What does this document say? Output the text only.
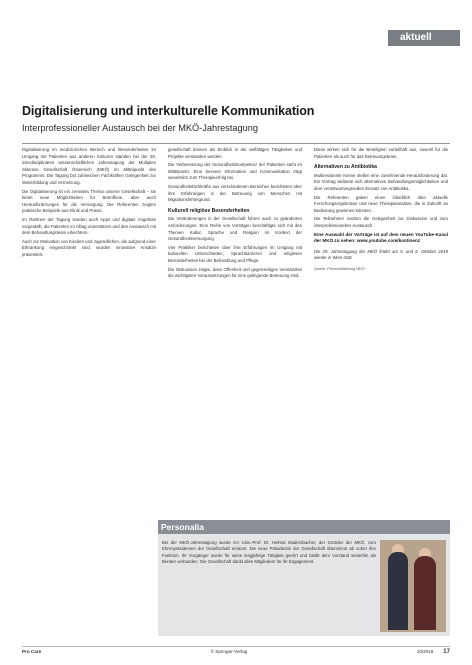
aktuell
Digitalisierung und interkulturelle Kommunikation
Interprofessioneller Austausch bei der MKÖ-Jahrestagung

Digitalisierung im medizinischen Bereich und Besonderheiten im Umgang mit Patienten aus anderen Kulturen standen bei der 28. interdisziplinären wissenschaftlichen Jahrestagung der Multiplen Sklerose Gesellschaft Österreich (MKÖ) im Mittelpunkt des Programms. Die Tagung bot zahlreichen Fachkräften Gelegenheit zur Weiterbildung und Vernetzung.

Die Digitalisierung ist ein zentrales Thema unserer Gesellschaft – sie bietet neue Möglichkeiten für Betroffene, aber auch Herausforderungen für die Versorgung. Die Referenten zeigten praktische Beispiele aus Klinik und Praxis.

Im Rahmen der Tagung wurden auch Apps und digitale Angebote vorgestellt, die Patienten im Alltag unterstützen und den Austausch mit dem Behandlungsteam erleichtern.

Auch zur Motivation von Kindern und Jugendlichen, die aufgrund einer Erkrankung eingeschränkt sind, wurden innovative Ansätze präsentiert.

gesellschaft können als Einblick in die vielfältigen Tätigkeiten und Projekte verstanden werden.

Die Verbesserung der Gesundheitskompetenz der Patienten steht im Mittelpunkt. Eine bessere Information und Kommunikation trägt wesentlich zum Therapieerfolg bei.

Gesundheitsfachkräfte aus verschiedenen Bereichen berichteten über ihre Erfahrungen in der Betreuung von Menschen mit Migrationshintergrund.

Kulturell religiöse Besonderheiten

Die Veränderungen in der Gesellschaft führen auch zu geänderten Anforderungen. Eine Reihe von Vorträgen beschäftigte sich mit den Themen Kultur, Sprache und Religion im Kontext der Gesundheitsversorgung.

Vier Praktiker berichteten über ihre Erfahrungen im Umgang mit kulturellen Unterschieden, Sprachbarrieren und religiösen Besonderheiten bei der Behandlung und Pflege.

Die Diskussion zeigte, dass Offenheit und gegenseitiges Verständnis die wichtigsten Voraussetzungen für eine gelingende Betreuung sind.

Diese wirken sich für die Beteiligten vorteilhaft aus, sowohl für die Patienten als auch für das Betreuungsteam.

Alternativen zu Antibiotika

Multiresistente Keime stellen eine zunehmende Herausforderung dar. Ein Vortrag widmete sich alternativen Behandlungsmöglichkeiten und dem verantwortungsvollen Einsatz von Antibiotika.

Die Referenten gaben einen Überblick über aktuelle Forschungsergebnisse und neue Therapieansätze, die in Zukunft an Bedeutung gewinnen könnten.

Die Teilnehmer nutzten die Gelegenheit zur Diskussion und zum interprofessionellen Austausch.

Eine Auswahl der Vorträge ist auf dem neuen YouTube-Kanal der MKÖ zu sehen: www.youtube.com/kontinenz

Die 29. Jahrestagung der MKÖ findet am 5. und 6. Oktober 2019 wieder in Wien statt.

Quelle: Pressemitteilung MKÖ

Personalia

Bei der MKÖ-Jahrestagung wurde OA Univ.-Prof. Dr. Helmut Madersbacher, der Gründer der MKÖ, zum Ehrenpräsidenten der Gesellschaft ernannt. Die neue Präsidentin der Gesellschaft übernimmt ab sofort ihre Funktion. Ihr Vorgänger wurde für seine langjährige Tätigkeit geehrt und bleibt dem Vorstand weiterhin als Berater verbunden. Die Gesellschaft dankt allen Mitgliedern für ihr Engagement.

Pro Care	© Springer-Verlag	10/2018 17
